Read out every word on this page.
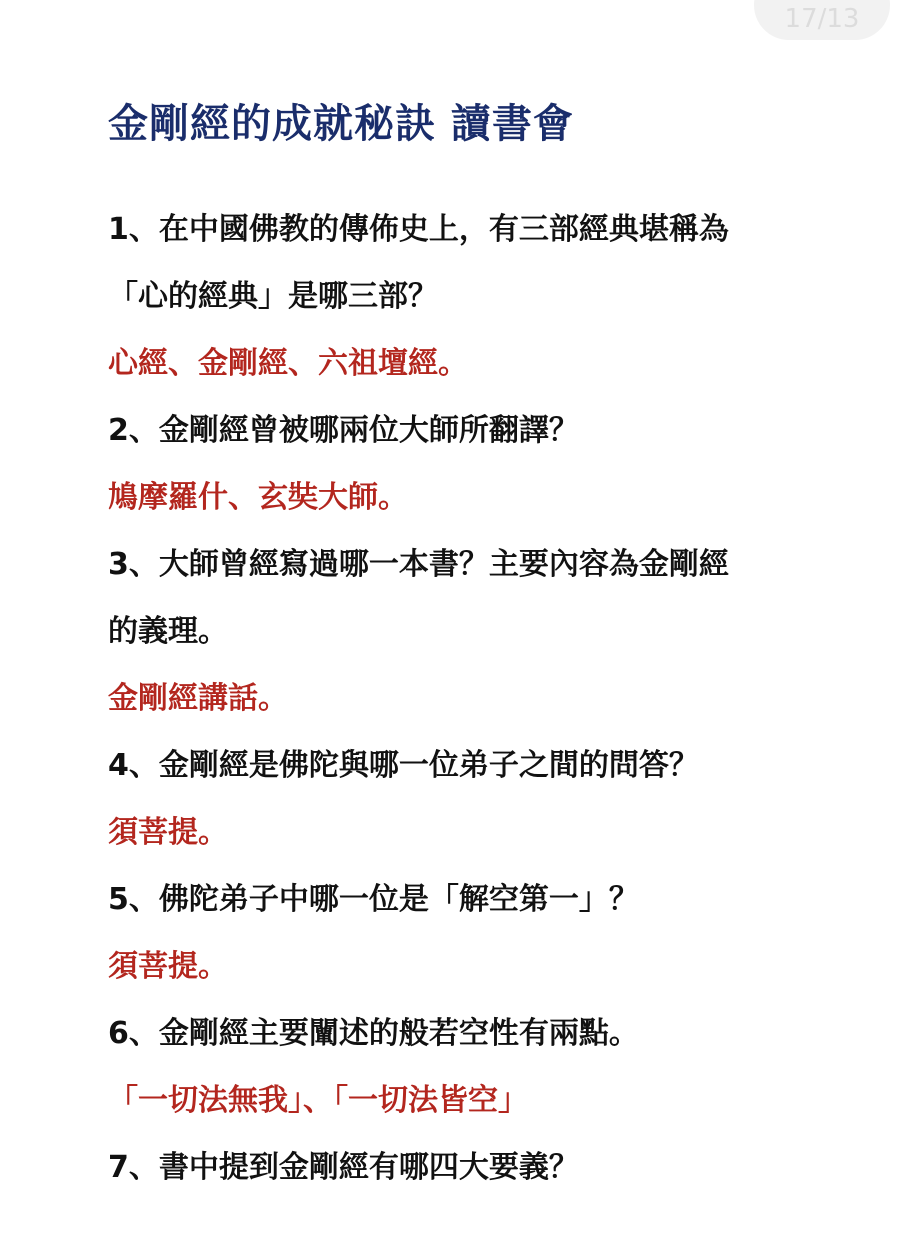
17/13
金剛經的成就秘訣 讀書會
1、在中國佛教的傳佈史上，有三部經典堪稱為
「心的經典」是哪三部？
心經、金剛經、六祖壇經。
2、金剛經曾被哪兩位大師所翻譯？
鳩摩羅什、玄奘大師。
3、大師曾經寫過哪一本書？主要內容為金剛經
的義理。
金剛經講話。
4、金剛經是佛陀與哪一位弟子之間的問答？
須菩提。
5、佛陀弟子中哪一位是「解空第一」？
須菩提。
6、金剛經主要闡述的般若空性有兩點。
「一切法無我」、「一切法皆空」
7、書中提到金剛經有哪四大要義？
